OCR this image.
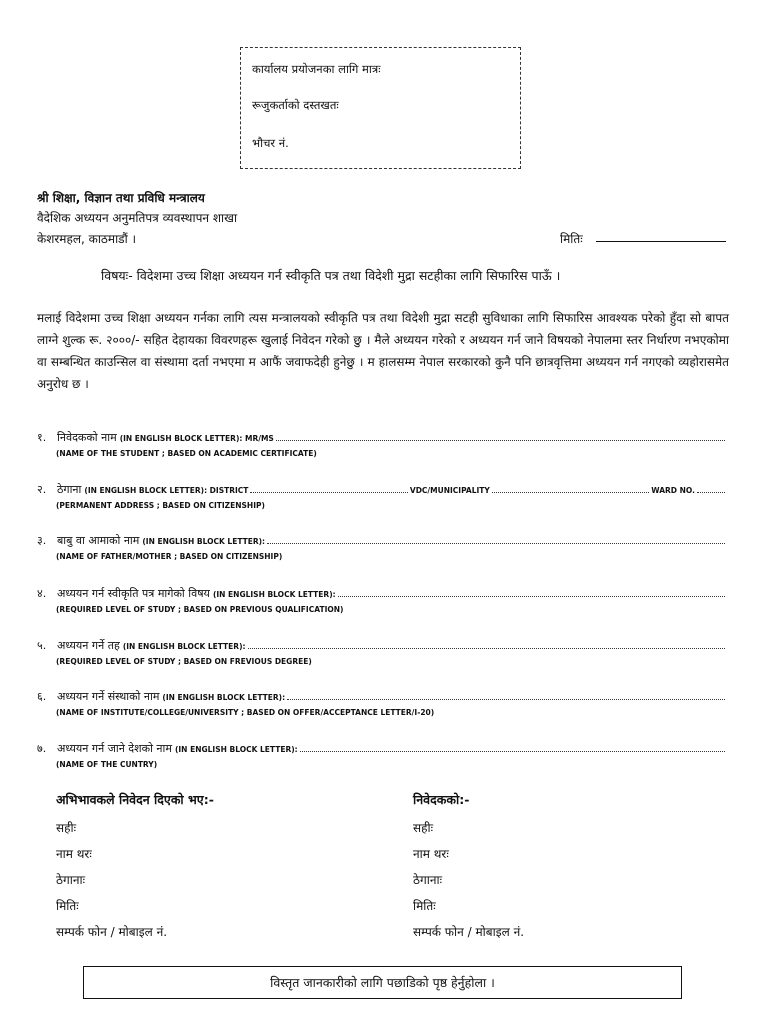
कार्यालय प्रयोजनका लागि मात्रः
रूजुकर्ताको दस्तखतः
भौचर नं.
श्री शिक्षा, विज्ञान तथा प्रविधि मन्त्रालय
वैदेशिक अध्ययन अनुमतिपत्र व्यवस्थापन शाखा
केशरमहल, काठमाडौं ।	मितिः
विषयः- विदेशमा उच्च शिक्षा अध्ययन गर्न स्वीकृति पत्र तथा विदेशी मुद्रा सटहीका लागि सिफारिस पाऊँ ।
मलाई विदेशमा उच्च शिक्षा अध्ययन गर्नका लागि त्यस मन्त्रालयको स्वीकृति पत्र तथा विदेशी मुद्रा सटही सुविधाका लागि सिफारिस आवश्यक परेको हुँदा सो बापत लाग्ने शुल्क रू. २०००/- सहित देहायका विवरणहरू खुलाई निवेदन गरेको छु । मैले अध्ययन गरेको र अध्ययन गर्न जाने विषयको नेपालमा स्तर निर्धारण नभएकोमा वा सम्बन्धित काउन्सिल वा संस्थामा दर्ता नभएमा म आफैं जवाफदेही हुनेछु । म हालसम्म नेपाल सरकारको कुनै पनि छात्रवृत्तिमा अध्ययन गर्न नगएको व्यहोरासमेत अनुरोध छ ।
१. निवेदकको नाम (IN ENGLISH BLOCK LETTER): MR/MS
(NAME OF THE STUDENT ; BASED ON ACADEMIC CERTIFICATE)
२. ठेगाना (IN ENGLISH BLOCK LETTER): DISTRICT	VDC/MUNICIPALITY	WARD NO.
(PERMANENT ADDRESS ; BASED ON CITIZENSHIP)
३. बाबु वा आमाको नाम (IN ENGLISH BLOCK LETTER):
(NAME OF FATHER/MOTHER ; BASED ON CITIZENSHIP)
४. अध्ययन गर्न स्वीकृति पत्र मागेको विषय (IN ENGLISH BLOCK LETTER):
(REQUIRED LEVEL OF STUDY ; BASED ON PREVIOUS QUALIFICATION)
५. अध्ययन गर्ने तह (IN ENGLISH BLOCK LETTER):
(REQUIRED LEVEL OF STUDY ; BASED ON FREVIOUS DEGREE)
६. अध्ययन गर्ने संस्थाको नाम (IN ENGLISH BLOCK LETTER):
(NAME OF INSTITUTE/COLLEGE/UNIVERSITY ; BASED ON OFFER/ACCEPTANCE LETTER/I-20)
७. अध्ययन गर्न जाने देशको नाम (IN ENGLISH BLOCK LETTER):
(NAME OF THE CUNTRY)
अभिभावकले निवेदन दिएको भए:-
सहीः
नाम थरः
ठेगानाः
मितिः
सम्पर्क फोन / मोबाइल नं.
निवेदकको:-
सहीः
नाम थरः
ठेगानाः
मितिः
सम्पर्क फोन / मोबाइल नं.
विस्तृत जानकारीको लागि पछाडिको पृष्ठ हेर्नुहोला ।
